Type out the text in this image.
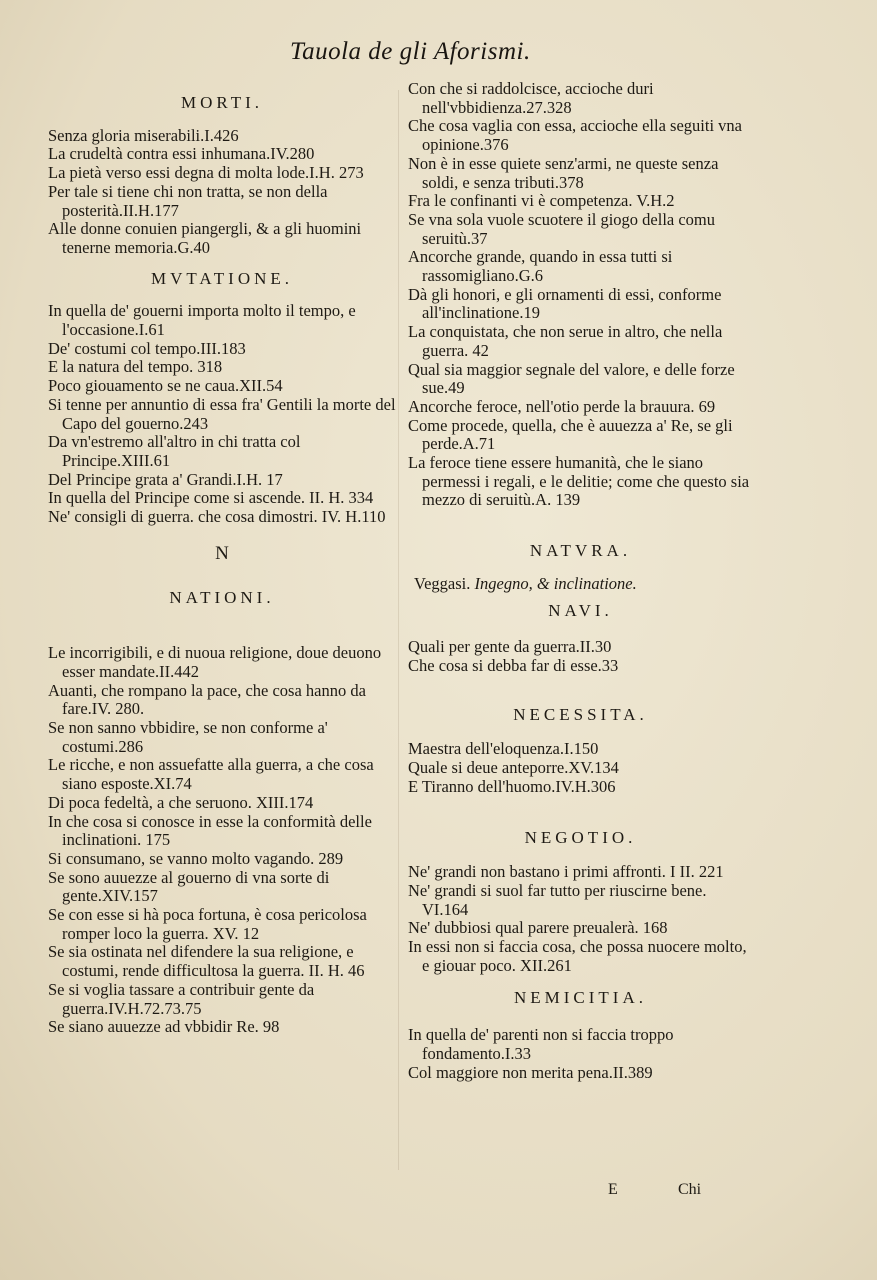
Tauola de gli Aforismi.
MORTI.
Senza gloria miserabili.I.426
La crudeltà contra essi inhumana.IV.280
La pietà verso essi degna di molta lode.I.H. 273
Per tale si tiene chi non tratta, se non della posterità.II.H.177
Alle donne conuien piangergli, & a gli huomini tenerne memoria.G.40
MVTATIONE.
In quella de' gouerni importa molto il tempo, e l'occasione.I.61
De' costumi col tempo.III.183
E la natura del tempo. 318
Poco giouamento se ne caua.XII.54
Si tenne per annuntio di essa fra' Gentili la morte del Capo del gouerno.243
Da vn'estremo all'altro in chi tratta col Principe.XIII.61
Del Principe grata a' Grandi.I.H. 17
In quella del Principe come si ascende. II. H. 334
Ne' consigli di guerra. che cosa dimostri. IV. H.110
N
NATIONI.
Le incorrigibili, e di nuoua religione, doue deuono esser mandate.II.442
Auanti, che rompano la pace, che cosa hanno da fare.IV. 280.
Se non sanno vbbidire, se non conforme a' costumi.286
Le ricche, e non assuefatte alla guerra, a che cosa siano esposte.XI.74
Di poca fedeltà, a che seruono. XIII.174
In che cosa si conosce in esse la conformità delle inclinationi. 175
Si consumano, se vanno molto vagando. 289
Se sono auuezze al gouerno di vna sorte di gente.XIV.157
Se con esse si hà poca fortuna, è cosa pericolosa romper loco la guerra. XV. 12
Se sia ostinata nel difendere la sua religione, e costumi, rende difficultosa la guerra. II. H. 46
Se si voglia tassare a contribuir gente da guerra.IV.H.72.73.75
Se siano auuezze ad vbbidir Re. 98
Con che si raddolcisce, accioche duri nell'vbbidienza.27.328
Che cosa vaglia con essa, accioche ella seguiti vna opinione.376
Non è in esse quiete senz'armi, ne queste senza soldi, e senza tributi.378
Fra le confinanti vi è competenza. V.H.2
Se vna sola vuole scuotere il giogo della comu seruitù.37
Ancorche grande, quando in essa tutti si rassomigliano.G.6
Dà gli honori, e gli ornamenti di essi, conforme all'inclinatione.19
La conquistata, che non serue in altro, che nella guerra. 42
Qual sia maggior segnale del valore, e delle forze sue.49
Ancorche feroce, nell'otio perde la brauura. 69
Come procede, quella, che è auuezza a' Re, se gli perde.A.71
La feroce tiene essere humanità, che le siano permessi i regali, e le delitie; come che questo sia mezzo di seruitù.A. 139
NATVRA.
Veggasi. Ingegno, & inclinatione.
NAVI.
Quali per gente da guerra.II.30
Che cosa si debba far di esse.33
NECESSITA.
Maestra dell'eloquenza.I.150
Quale si deue anteporre.XV.134
E Tiranno dell'huomo.IV.H.306
NEGOTIO.
Ne' grandi non bastano i primi affronti. I II. 221
Ne' grandi si suol far tutto per riuscirne bene. VI.164
Ne' dubbiosi qual parere preualerà. 168
In essi non si faccia cosa, che possa nuocere molto, e giouar poco. XII.261
NEMICITIA.
In quella de' parenti non si faccia troppo fondamento.I.33
Col maggiore non merita pena.II.389
E	Chi
